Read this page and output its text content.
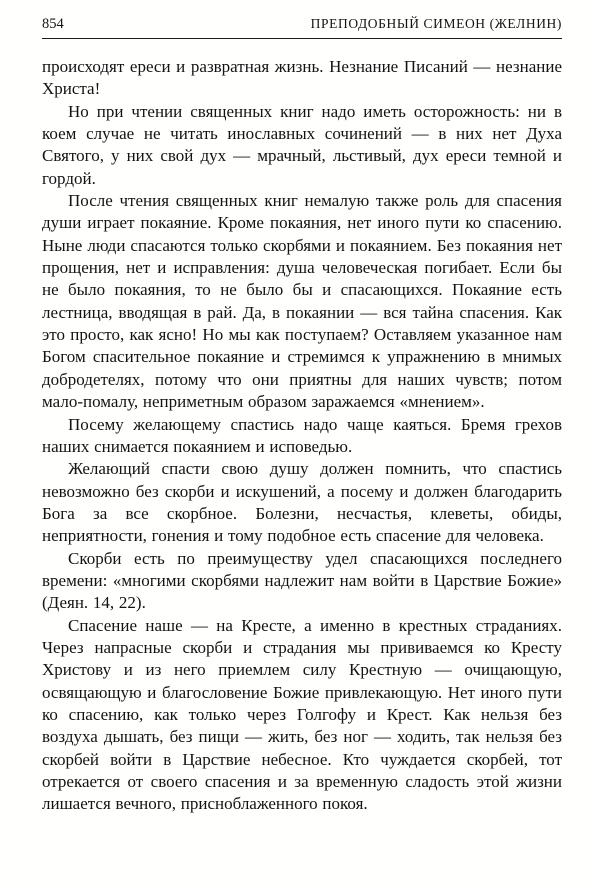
854	ПРЕПОДОБНЫЙ СИМЕОН (ЖЕЛНИН)

происходят ереси и развратная жизнь. Незнание Писаний — незнание Христа!

Но при чтении священных книг надо иметь осторожность: ни в коем случае не читать инославных сочинений — в них нет Духа Святого, у них свой дух — мрачный, льстивый, дух ереси темной и гордой.

После чтения священных книг немалую также роль для спасения души играет покаяние. Кроме покаяния, нет иного пути ко спасению. Ныне люди спасаются только скорбями и покаянием. Без покаяния нет прощения, нет и исправления: душа человеческая погибает. Если бы не было покаяния, то не было бы и спасающихся. Покаяние есть лестница, вводящая в рай. Да, в покаянии — вся тайна спасения. Как это просто, как ясно! Но мы как поступаем? Оставляем указанное нам Богом спасительное покаяние и стремимся к упражнению в мнимых добродетелях, потому что они приятны для наших чувств; потом мало-помалу, неприметным образом заражаемся «мнением».

Посему желающему спастись надо чаще каяться. Бремя грехов наших снимается покаянием и исповедью.

Желающий спасти свою душу должен помнить, что спастись невозможно без скорби и искушений, а посему и должен благодарить Бога за все скорбное. Болезни, несчастья, клеветы, обиды, неприятности, гонения и тому подобное есть спасение для человека.

Скорби есть по преимуществу удел спасающихся последнего времени: «многими скорбями надлежит нам войти в Царствие Божие» (Деян. 14, 22).

Спасение наше — на Кресте, а именно в крестных страданиях. Через напрасные скорби и страдания мы прививаемся ко Кресту Христову и из него приемлем силу Крестную — очищающую, освящающую и благословение Божие привлекающую. Нет иного пути ко спасению, как только через Голгофу и Крест. Как нельзя без воздуха дышать, без пищи — жить, без ног — ходить, так нельзя без скорбей войти в Царствие небесное. Кто чуждается скорбей, тот отрекается от своего спасения и за временную сладость этой жизни лишается вечного, присноблаженного покоя.
